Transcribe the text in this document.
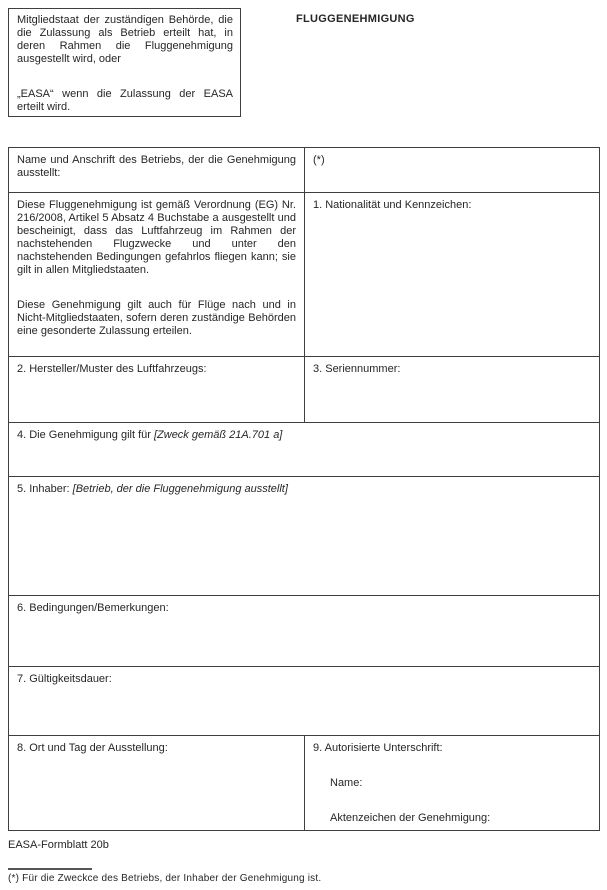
Mitgliedstaat der zuständigen Behörde, die die Zulassung als Betrieb erteilt hat, in deren Rahmen die Fluggenehmigung ausgestellt wird, oder

„EASA“ wenn die Zulassung der EASA erteilt wird.

FLUGGENEHMIGUNG
Name und Anschrift des Betriebs, der die Genehmigung ausstellt:
(*)

Diese Fluggenehmigung ist gemäß Verordnung (EG) Nr. 216/2008, Artikel 5 Absatz 4 Buchstabe a ausgestellt und bescheinigt, dass das Luftfahrzeug im Rahmen der nachstehenden Flugzwecke und unter den nachstehenden Bedingungen gefahrlos fliegen kann; sie gilt in allen Mitgliedstaaten.

Diese Genehmigung gilt auch für Flüge nach und in Nicht-Mitgliedstaaten, sofern deren zuständige Behörden eine gesonderte Zulassung erteilen.

1. Nationalität und Kennzeichen:
2. Hersteller/Muster des Luftfahrzeugs:	3. Seriennummer:
4. Die Genehmigung gilt für [Zweck gemäß 21A.701 a]
5. Inhaber: [Betrieb, der die Fluggenehmigung ausstellt]
6. Bedingungen/Bemerkungen:
7. Gültigkeitsdauer:
8. Ort und Tag der Ausstellung:	9. Autorisierte Unterschrift:

Name:

Aktenzeichen der Genehmigung:

EASA-Formblatt 20b
(*) Für die Zweckce des Betriebs, der Inhaber der Genehmigung ist.
